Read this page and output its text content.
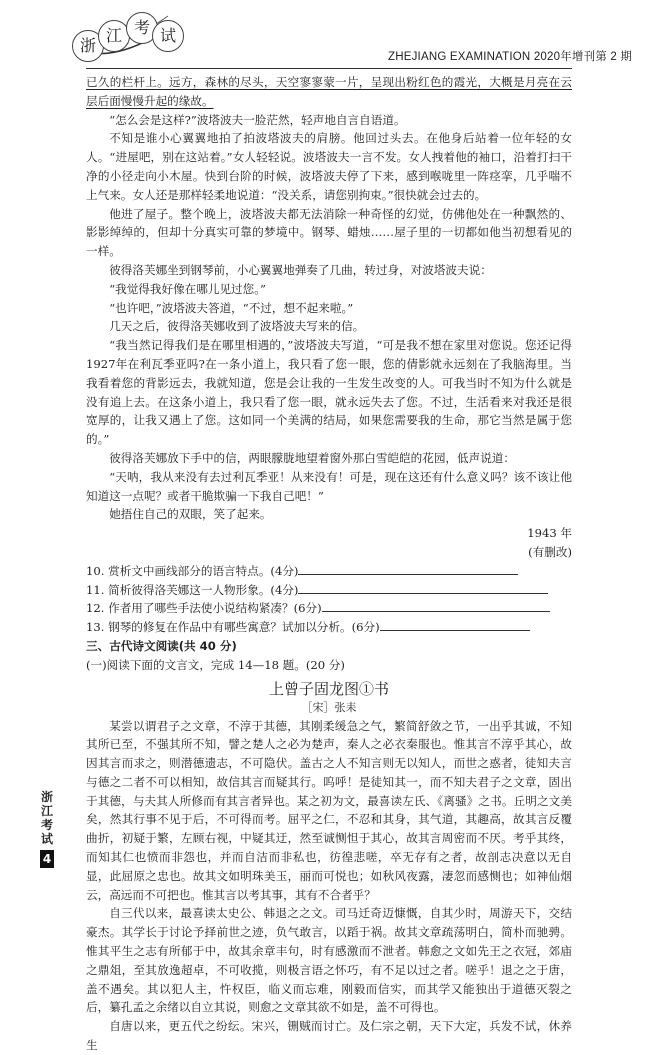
浙
江 考 试
ZHEJIANG EXAMINATION 2020年增刊第 2 期

已久的栏杆上。远方，森林的尽头，天空寥寥蒙一片，呈现出粉红色的霞光，大概是月亮在云层后面慢慢升起的缘故。

“怎么会是这样?”波塔波夫一脸茫然，轻声地自言自语道。

不知是谁小心翼翼地拍了拍波塔波夫的肩膀。他回过头去。在他身后站着一位年轻的女人。“进屋吧，别在这站着。”女人轻轻说。波塔波夫一言不发。女人拽着他的袖口，沿着打扫干净的小径走向小木屋。快到台阶的时候，波塔波夫停了下来，感到喉咙里一阵痉挛，几乎喘不上气来。女人还是那样轻柔地说道：“没关系，请您别拘束。”很快就会过去的。

他进了屋子。整个晚上，波塔波夫都无法消除一种奇怪的幻觉，仿佛他处在一种飘然的、影影绰绰的，但却十分真实可靠的梦境中。钢琴、蜡烛……屋子里的一切都如他当初想看见的一样。

彼得洛芙娜坐到钢琴前，小心翼翼地弹奏了几曲，转过身，对波塔波夫说：

“我觉得我好像在哪儿见过您。”

“也许吧，”波塔波夫答道，“不过，想不起来啦。”

几天之后，彼得洛芙娜收到了波塔波夫写来的信。

“我当然记得我们是在哪里相遇的，”波塔波夫写道，“可是我不想在家里对您说。您还记得1927年在利瓦季亚吗?在一条小道上，我只看了您一眼，您的倩影就永远刻在了我脑海里。当我看着您的背影远去，我就知道，您是会让我的一生发生改变的人。可我当时不知为什么就是没有追上去。在这条小道上，我只看了您一眼，就永远失去了您。不过，生活看来对我还是很宽厚的，让我又遇上了您。这如同一个美满的结局，如果您需要我的生命，那它当然是属于您的。”

彼得洛芙娜放下手中的信，两眼朦胧地望着窗外那白雪皑皑的花园，低声说道：

“天呐，我从来没有去过利瓦季亚！从来没有！可是，现在这还有什么意义吗？该不该让他知道这一点呢？或者干脆欺骗一下我自己吧！”

她捂住自己的双眼，笑了起来。

1943 年

(有删改)

10. 赏析文中画线部分的语言特点。(4分)

11. 简析彼得洛芙娜这一人物形象。(4分)

12. 作者用了哪些手法使小说结构紧凑？(6分)

13. 钢琴的修复在作品中有哪些寓意？试加以分析。(6分)

三、古代诗文阅读(共 40 分)

(一)阅读下面的文言文，完成 14—18 题。(20 分)

上曾子固龙图①书

［宋］张耒

某尝以谓君子之文章，不淳于其德，其刚柔缓急之气，繁简舒敛之节，一出乎其诚，不知其所已至，不强其所不知，譬之楚人之必为楚声，秦人之必衣秦服也。惟其言不淳乎其心，故因其言而求之，则潜德遗志，不可隐伏。盖古之人不知言则无以知人，而世之惑者，徒知夫言与德之二者不可以相知，故信其言而疑其行。呜呼！是徒知其一，而不知夫君子之文章，固出于其德，与夫其人所修而有其言者异也。某之初为文，最喜读左氏、《离骚》之书。丘明之文美矣，然其行事不见于后，不可得而考。屈平之仁，不忍和其身，其气道，其趣高，故其言反覆曲折，初疑于繁，左顾右视，中疑其迂，然至诚恻怛于其心，故其言周密而不厌。考乎其终，而知其仁也愤而非怨也，并而自洁而非私也，彷徨悲嗟，卒无存有之者，故剖志决意以无自显，此屈原之忠也。故其文如明珠美玉，丽而可悦也；如秋风夜露，凄忽而感恻也；如神仙烟云，高远而不可把也。惟其言以考其事，其有不合者乎？

自三代以来，最喜读太史公、韩退之之文。司马迁奇迈慷慨，自其少时，周游天下，交结豪杰。其学长于讨论予择前世之迹，负气敢言，以蹈于祸。故其文章疏荡明白，简朴而驰骋。惟其平生之志有所郁于中，故其余章丰句，时有感激而不泄者。韩愈之文如先王之衣冠，郊庙之鼎俎，至其放逸超卓，不可收揽，则极言语之怀巧，有不足以过之者。嗟乎！退之之于唐，盖不遇矣。其以犯人主，忤权臣，临义而忘难，刚毅而信实，而其学又能独出于道德灭裂之后，纂孔孟之余绪以自立其说，则愈之文章其欲不如是，盖不可得也。

自唐以来，更五代之纷纭。宋兴，铏贼而讨亡。及仁宗之朝，天下大定，兵发不试，休养生

浙江考试
4
